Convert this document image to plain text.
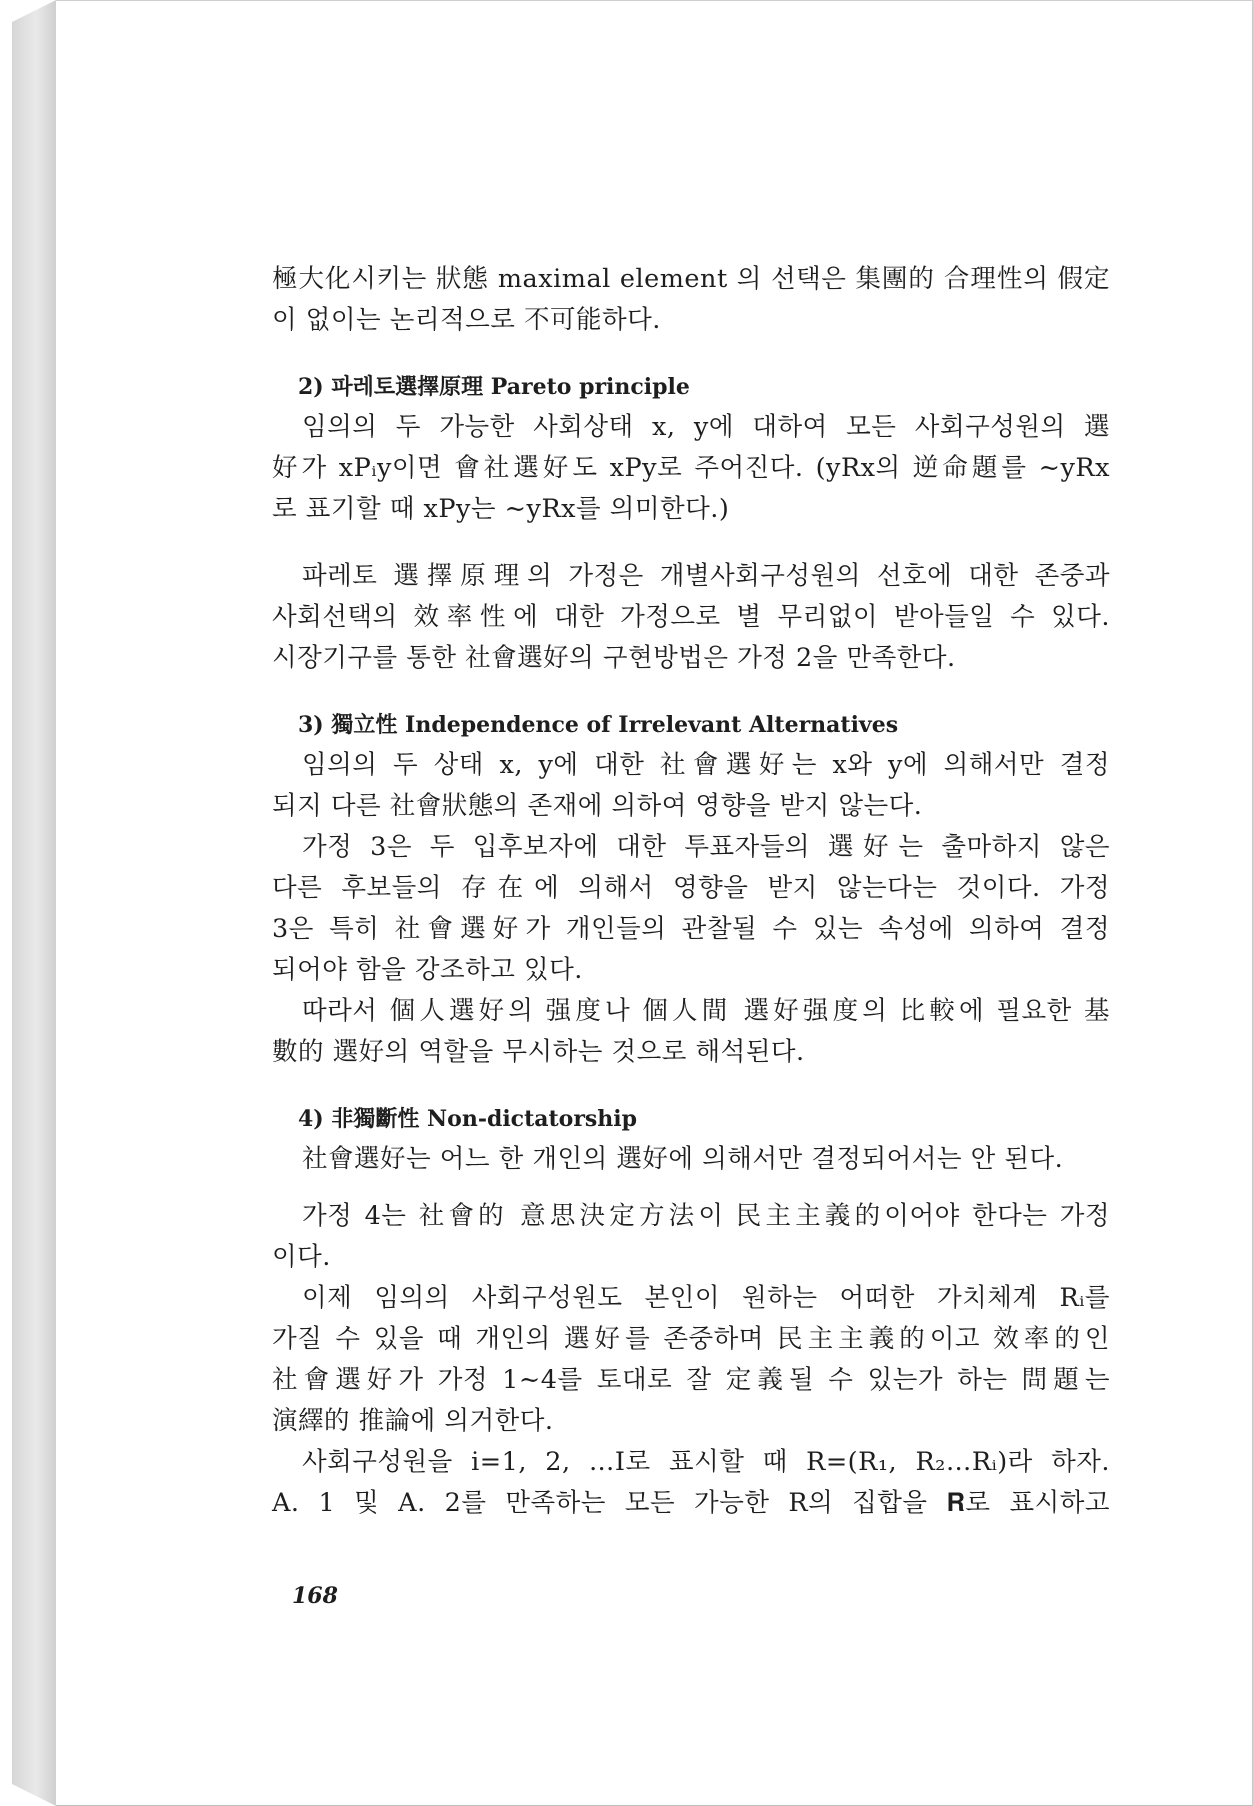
極大化시키는 狀態 maximal element 의 선택은 集團的 合理性의 假定
이 없이는 논리적으로 不可能하다.
2) 파레토選擇原理 Pareto principle
임의의 두 가능한 사회상태 x, y에 대하여 모든 사회구성원의 選
好가 xPᵢy이면 會社選好도 xPy로 주어진다. (yRx의 逆命題를 ∼yRx
로 표기할 때 xPy는 ∼yRx를 의미한다.)
파레토 選擇原理의 가정은 개별사회구성원의 선호에 대한 존중과
사회선택의 效率性에 대한 가정으로 별 무리없이 받아들일 수 있다.
시장기구를 통한 社會選好의 구현방법은 가정 2을 만족한다.
3) 獨立性 Independence of Irrelevant Alternatives
임의의 두 상태 x, y에 대한 社會選好는 x와 y에 의해서만 결정
되지 다른 社會狀態의 존재에 의하여 영향을 받지 않는다.
가정 3은 두 입후보자에 대한 투표자들의 選好는 출마하지 않은
다른 후보들의 存在에 의해서 영향을 받지 않는다는 것이다. 가정
3은 특히 社會選好가 개인들의 관찰될 수 있는 속성에 의하여 결정
되어야 함을 강조하고 있다.
따라서 個人選好의 强度나 個人間 選好强度의 比較에 필요한 基
數的 選好의 역할을 무시하는 것으로 해석된다.
4) 非獨斷性 Non-dictatorship
社會選好는 어느 한 개인의 選好에 의해서만 결정되어서는 안 된다.
가정 4는 社會的 意思決定方法이 民主主義的이어야 한다는 가정
이다.
이제 임의의 사회구성원도 본인이 원하는 어떠한 가치체계 Rᵢ를
가질 수 있을 때 개인의 選好를 존중하며 民主主義的이고 效率的인
社會選好가 가정 1∼4를 토대로 잘 定義될 수 있는가 하는 問題는
演繹的 推論에 의거한다.
사회구성원을 i=1, 2, …I로 표시할 때 R=(R₁, R₂…Rᵢ)라 하자.
A. 1 및 A. 2를 만족하는 모든 가능한 R의 집합을 𝐑로 표시하고
168
